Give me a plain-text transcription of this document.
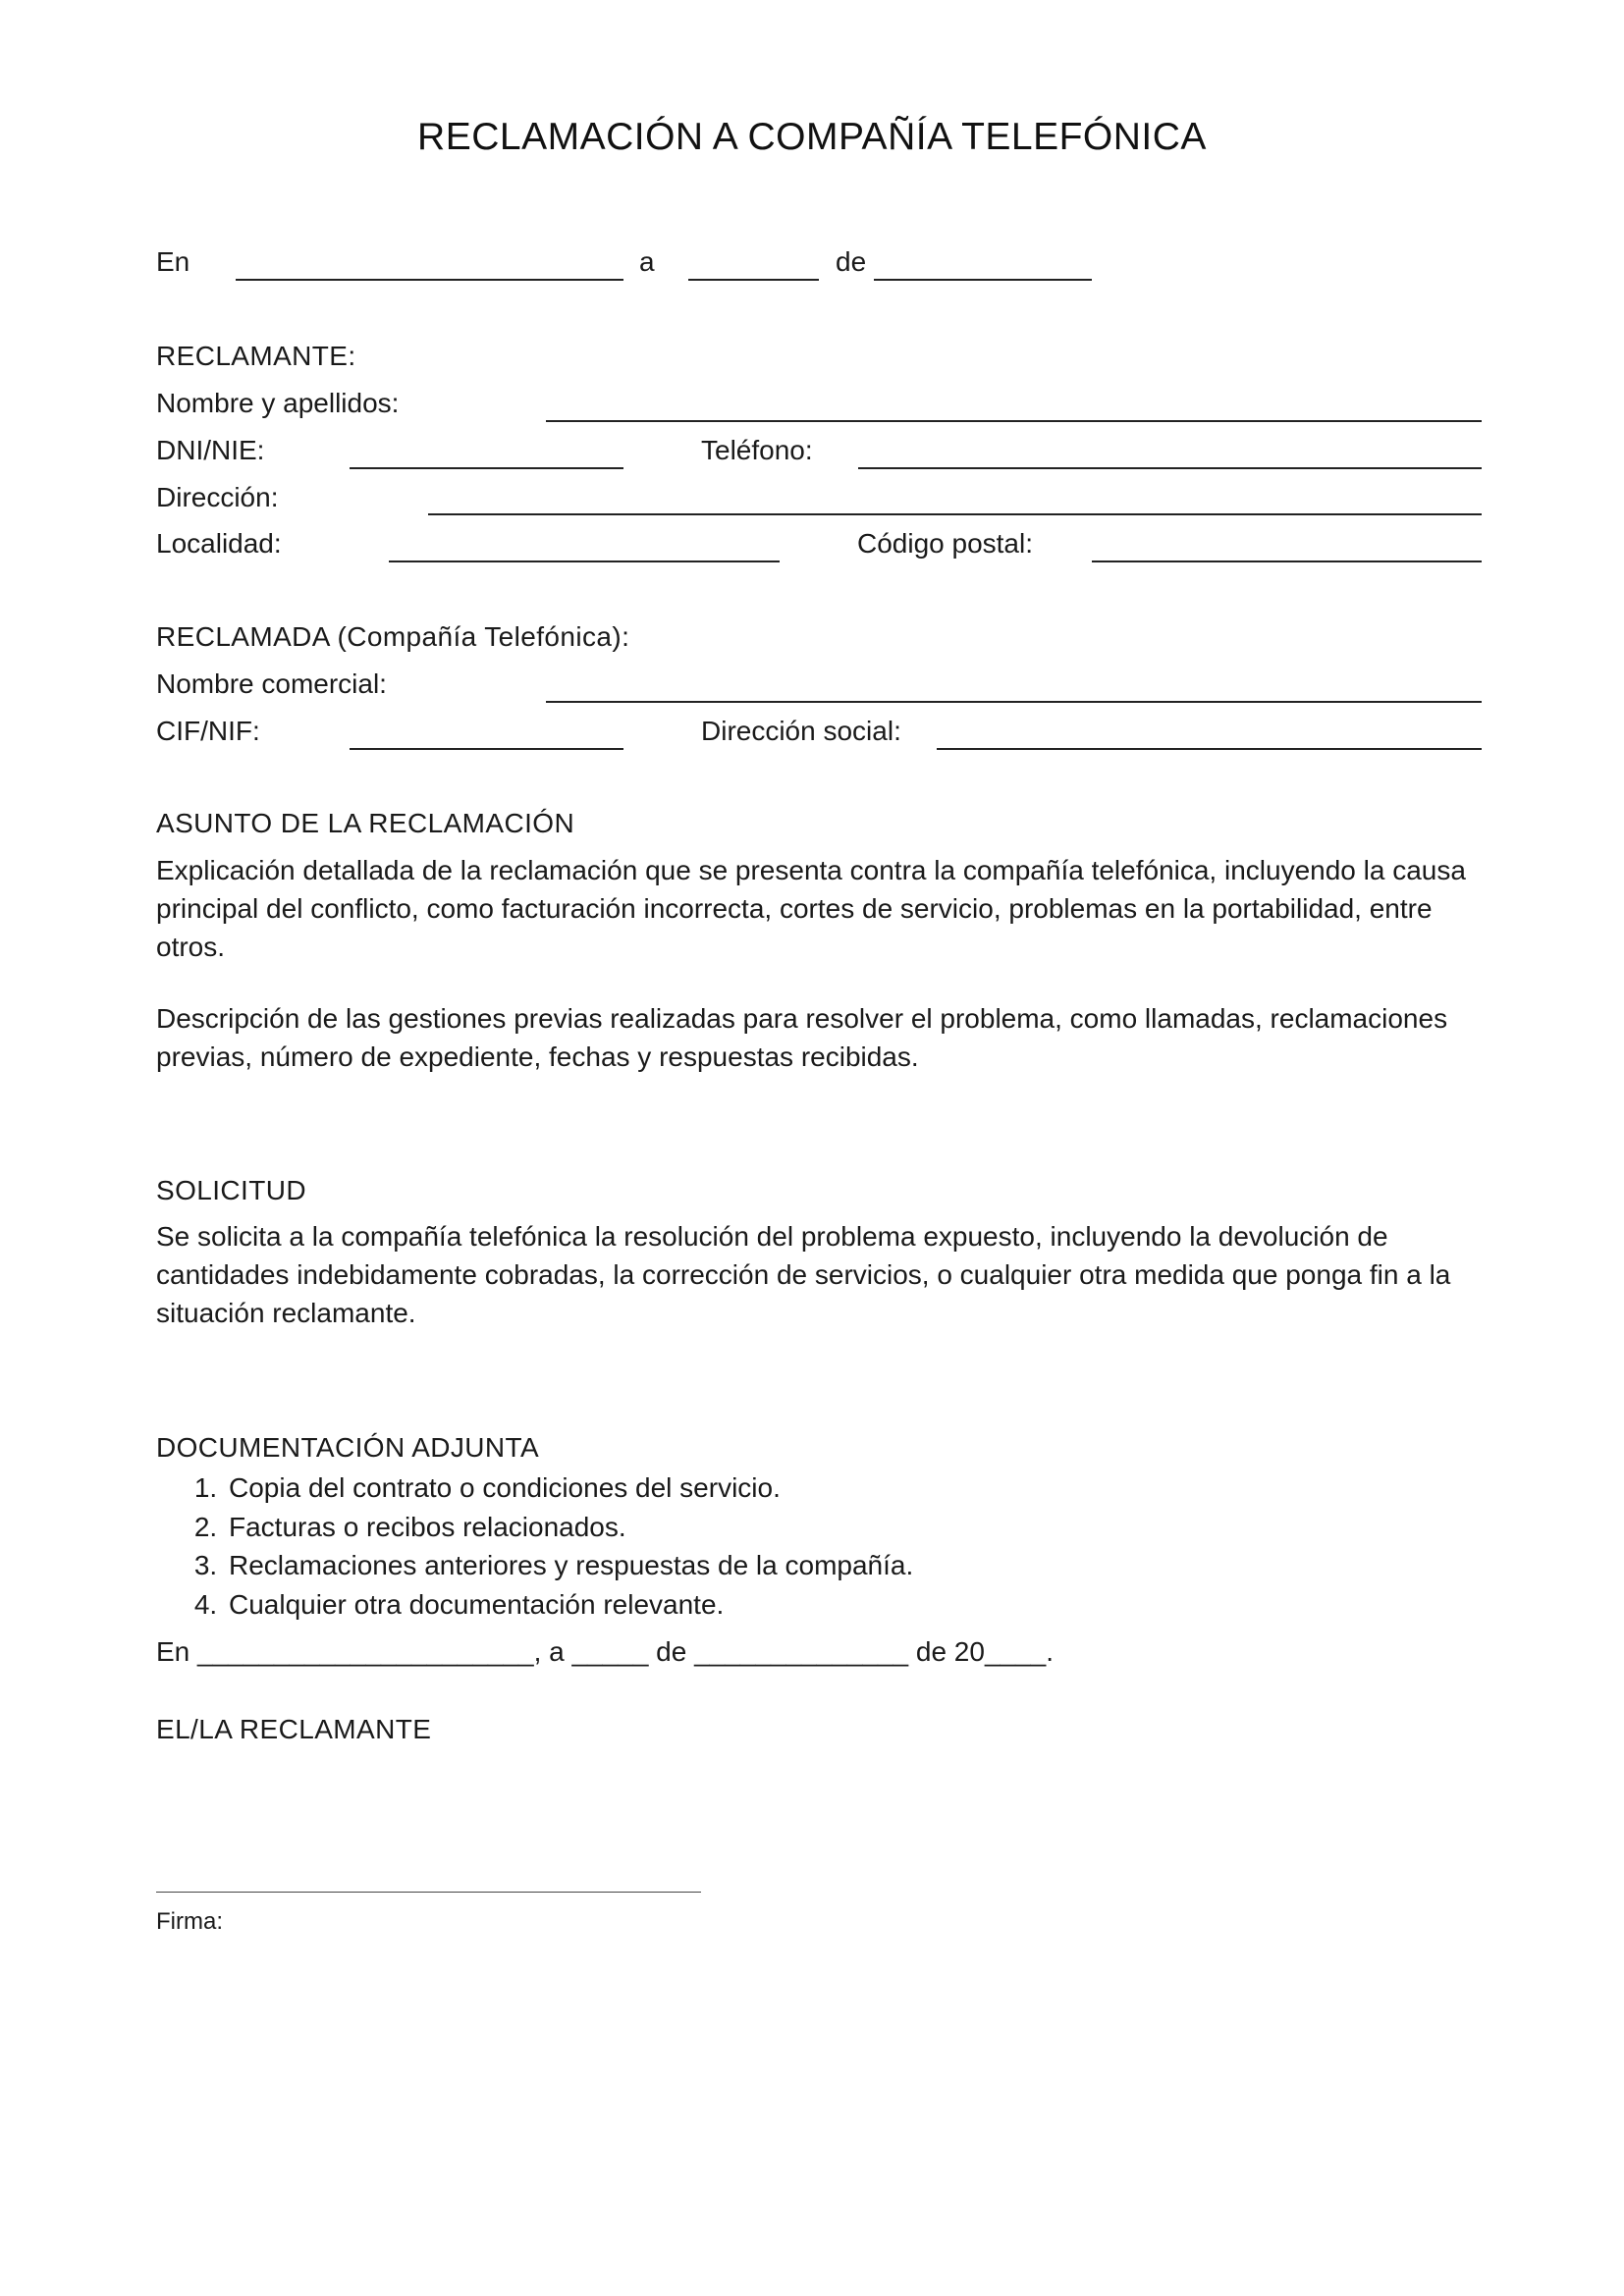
RECLAMACIÓN A COMPAÑÍA TELEFÓNICA
En	a	de
RECLAMANTE:
Nombre y apellidos:
DNI/NIE:	Teléfono:
Dirección:
Localidad:	Código postal:
RECLAMADA (Compañía Telefónica):
Nombre comercial:
CIF/NIF:	Dirección social:
ASUNTO DE LA RECLAMACIÓN
Explicación detallada de la reclamación que se presenta contra la compañía telefónica, incluyendo la causa principal del conflicto, como facturación incorrecta, cortes de servicio, problemas en la portabilidad, entre otros.
Descripción de las gestiones previas realizadas para resolver el problema, como llamadas, reclamaciones previas, número de expediente, fechas y respuestas recibidas.
SOLICITUD
Se solicita a la compañía telefónica la resolución del problema expuesto, incluyendo la devolución de cantidades indebidamente cobradas, la corrección de servicios, o cualquier otra medida que ponga fin a la situación reclamante.
DOCUMENTACIÓN ADJUNTA
1. Copia del contrato o condiciones del servicio.
2. Facturas o recibos relacionados.
3. Reclamaciones anteriores y respuestas de la compañía.
4. Cualquier otra documentación relevante.
En ______________________, a _____ de ______________ de 20____.
EL/LA RECLAMANTE
Firma:
